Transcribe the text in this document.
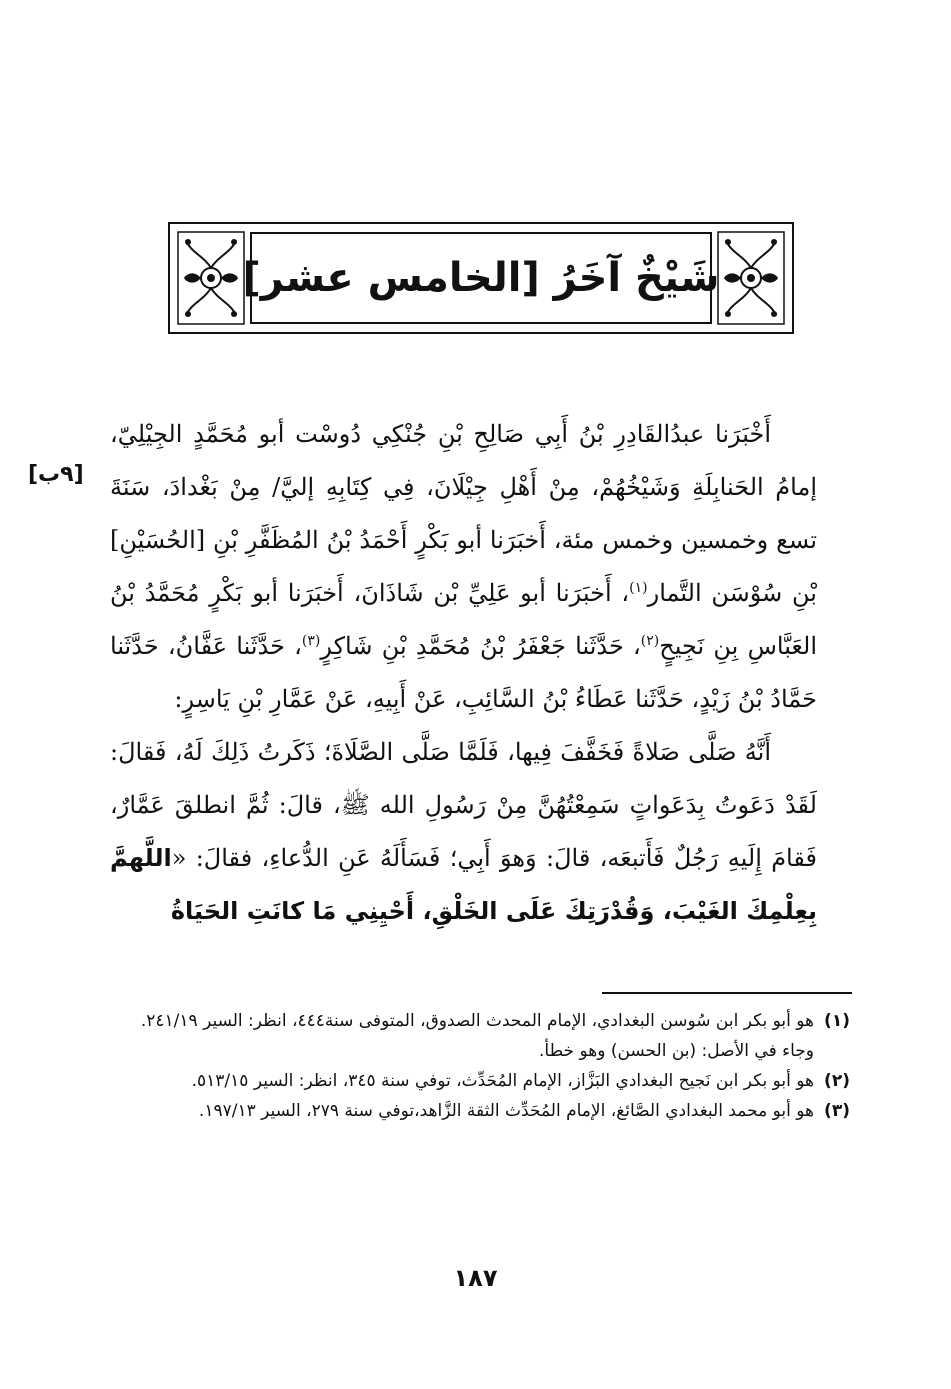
شَيْخٌ آخَرُ [الخامس عشر]
[٩ب]

أَخْبَرَنا عبدُالقَادِرِ بْنُ أَبِي صَالِحِ بْنِ جُنْكِي دُوسْت أبو مُحَمَّدٍ الجِيْلِيّ، إمامُ الحَنابِلَةِ وَشَيْخُهُمْ، مِنْ أَهْلِ جِيْلَانَ، فِي كِتَابِهِ إليَّ/ مِنْ بَغْدادَ، سَنَةَ تسع وخمسين وخمس مئة، أَخبَرَنا أبو بَكْرٍ أَحْمَدُ بْنُ المُظَفَّرِ بْنِ [الحُسَيْنِ] بْنِ سُوْسَن التَّمار$^{(١)}$، أَخبَرَنا أبو عَلِيِّ بْن شَاذَانَ، أَخبَرَنا أبو بَكْرٍ مُحَمَّدُ بْنُ العَبَّاسِ بِنِ نَجِيحٍ$^{(٢)}$، حَدَّثَنا جَعْفَرُ بْنُ مُحَمَّدِ بْنِ شَاكِرٍ$^{(٣)}$، حَدَّثَنا عَفَّانُ، حَدَّثَنا حَمَّادُ بْنُ زَيْدٍ، حَدَّثَنا عَطَاءُ بْنُ السَّائِبِ، عَنْ أَبِيهِ، عَنْ عَمَّارِ بْنِ يَاسِرٍ:

أَنَّهُ صَلَّى صَلاةً فَخَفَّفَ فِيها، فَلَمَّا صَلَّى الصَّلَاةَ؛ ذَكَرتُ ذَلِكَ لَهُ، فَقالَ: لَقَدْ دَعَوتُ بِدَعَواتٍ سَمِعْتُهُنَّ مِنْ رَسُولِ الله ﷺ، قالَ: ثُمَّ انطلقَ عَمَّارٌ، فَقامَ إِلَيهِ رَجُلٌ فَأَتبعَه، قالَ: وَهوَ أَبِي؛ فَسَأَلَهُ عَنِ الدُّعاءِ، فقالَ: «اللَّهمَّ بِعِلْمِكَ الغَيْبَ، وَقُدْرَتِكَ عَلَى الخَلْقِ، أَحْيِنِي مَا كانَتِ الحَيَاةُ

(١)
هو أبو بكر ابن سُوسن البغدادي، الإمام المحدث الصدوق، المتوفى سنة٤٤٤، انظر: السير ٢٤١/١٩.
وجاء في الأصل: (بن الحسن) وهو خطأ.
(٢)
هو أبو بكر ابن نَجيح البغدادي البَزَّاز، الإمام المُحَدِّث، توفي سنة ٣٤٥، انظر: السير ٥١٣/١٥.
(٣)
هو أبو محمد البغدادي الصَّائغ، الإمام المُحَدِّث الثقة الزَّاهد،توفي سنة ٢٧٩، السير ١٩٧/١٣.
١٨٧
